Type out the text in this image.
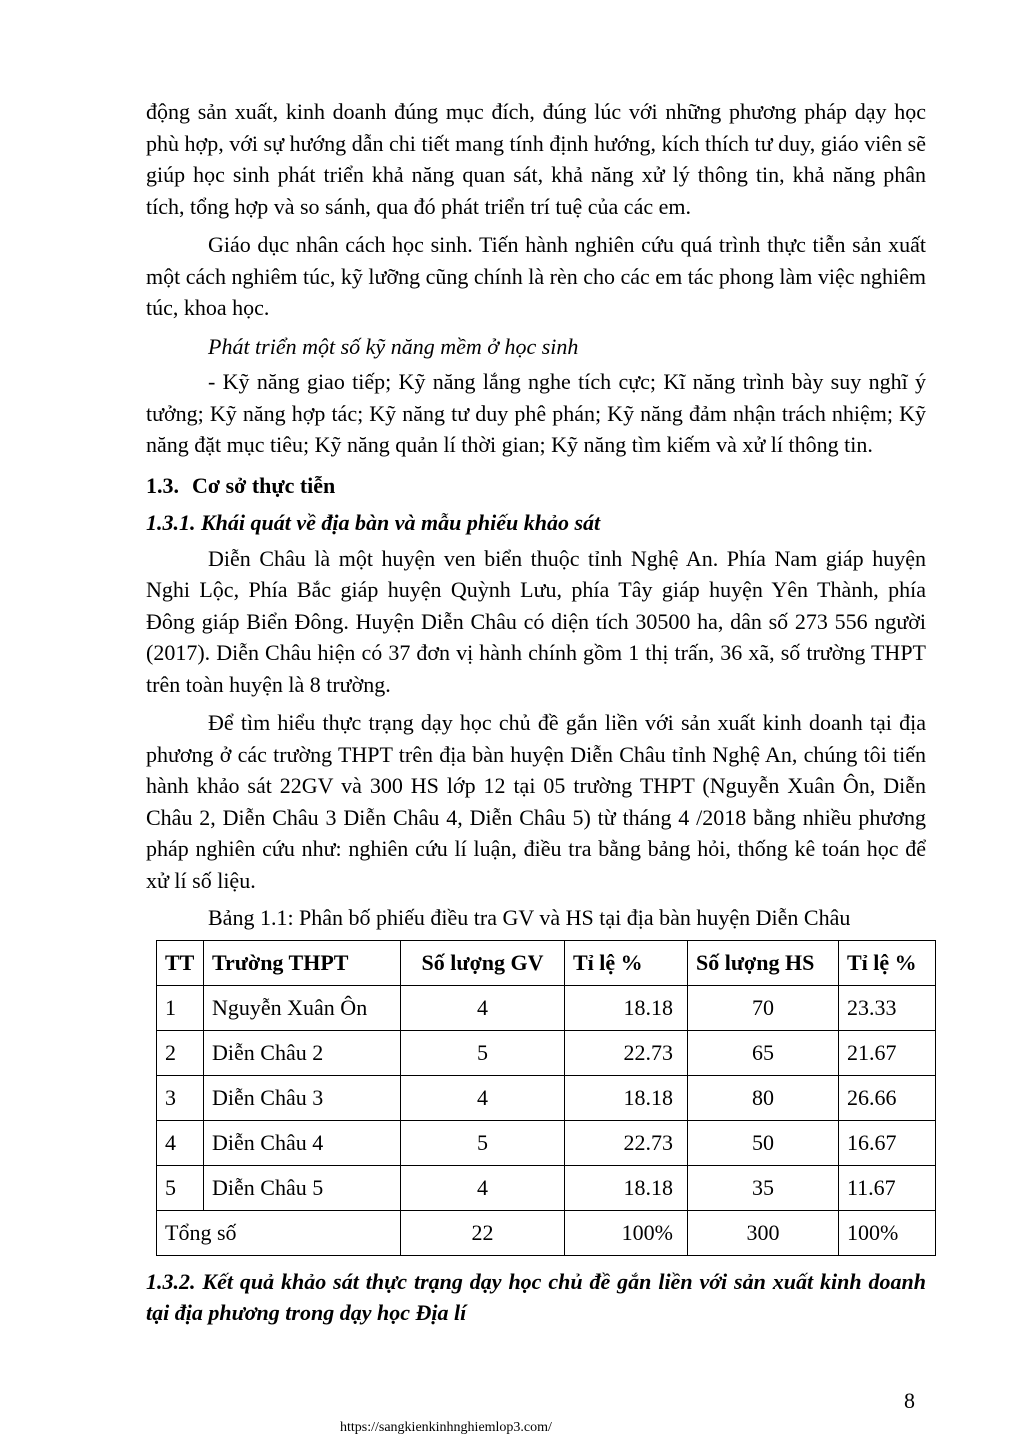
động sản xuất, kinh doanh đúng mục đích, đúng lúc với những phương pháp dạy học phù hợp, với sự hướng dẫn chi tiết mang tính định hướng, kích thích tư duy, giáo viên sẽ giúp học sinh phát triển khả năng quan sát, khả năng xử lý thông tin, khả năng phân tích, tổng hợp và so sánh, qua đó phát triển trí tuệ của các em.

Giáo dục nhân cách học sinh. Tiến hành nghiên cứu quá trình thực tiễn sản xuất một cách nghiêm túc, kỹ lưỡng cũng chính là rèn cho các em tác phong làm việc nghiêm túc, khoa học.

Phát triển một số kỹ năng mềm ở học sinh

- Kỹ năng giao tiếp; Kỹ năng lắng nghe tích cực; Kĩ năng trình bày suy nghĩ ý tưởng; Kỹ năng hợp tác; Kỹ năng tư duy phê phán; Kỹ năng đảm nhận trách nhiệm; Kỹ năng đặt mục tiêu; Kỹ năng quản lí thời gian; Kỹ năng tìm kiếm và xử lí thông tin.

1.3. Cơ sở thực tiễn

1.3.1. Khái quát về địa bàn và mẫu phiếu khảo sát

Diễn Châu là một huyện ven biển thuộc tỉnh Nghệ An. Phía Nam giáp huyện Nghi Lộc, Phía Bắc giáp huyện Quỳnh Lưu, phía Tây giáp huyện Yên Thành, phía Đông giáp Biển Đông. Huyện Diễn Châu có diện tích 30500 ha, dân số 273 556 người (2017). Diễn Châu hiện có 37 đơn vị hành chính gồm 1 thị trấn, 36 xã, số trường THPT trên toàn huyện là 8 trường.

Để tìm hiểu thực trạng dạy học chủ đề gắn liền với sản xuất kinh doanh tại địa phương ở các trường THPT trên địa bàn huyện Diễn Châu tỉnh Nghệ An, chúng tôi tiến hành khảo sát 22GV và 300 HS lớp 12 tại 05 trường THPT (Nguyễn Xuân Ôn, Diễn Châu 2, Diễn Châu 3 Diễn Châu 4, Diễn Châu 5) từ tháng 4 /2018 bằng nhiều phương pháp nghiên cứu như: nghiên cứu lí luận, điều tra bằng bảng hỏi, thống kê toán học để xử lí số liệu.

Bảng 1.1: Phân bố phiếu điều tra GV và HS tại địa bàn huyện Diễn Châu

TT	Trường THPT	Số lượng GV	Tỉ lệ %	Số lượng HS	Tỉ lệ %
1	Nguyễn Xuân Ôn	4	18.18	70	23.33
2	Diễn Châu 2	5	22.73	65	21.67
3	Diễn Châu 3	4	18.18	80	26.66
4	Diễn Châu 4	5	22.73	50	16.67
5	Diễn Châu 5	4	18.18	35	11.67
Tổng số		22	100%	300	100%

1.3.2. Kết quả khảo sát thực trạng dạy học chủ đề gắn liền với sản xuất kinh doanh tại địa phương trong dạy học Địa lí

8
https://sangkienkinhnghiemlop3.com/
